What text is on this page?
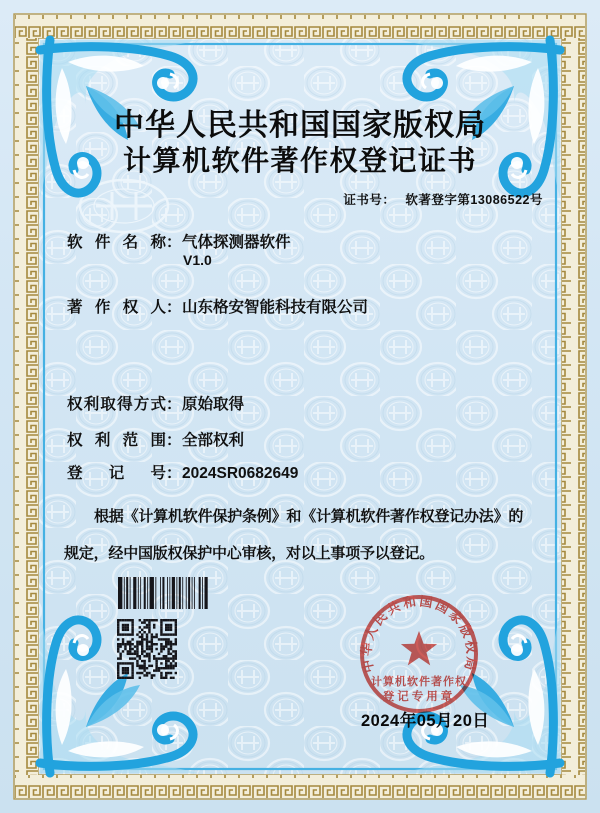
中华人民共和国国家版权局
计算机软件著作权登记证书
证书号： 软著登字第13086522号
软件名称：气体探测器软件
V1.0
著作权人：山东格安智能科技有限公司
权利取得方式：原始取得
权利范围：全部权利
登记号：2024SR0682649
根据《计算机软件保护条例》和《计算机软件著作权登记办法》的
规定，经中国版权保护中心审核，对以上事项予以登记。
中华人民共和国国家版权局
计算机软件著作权
登记专用章
2024年05月20日
